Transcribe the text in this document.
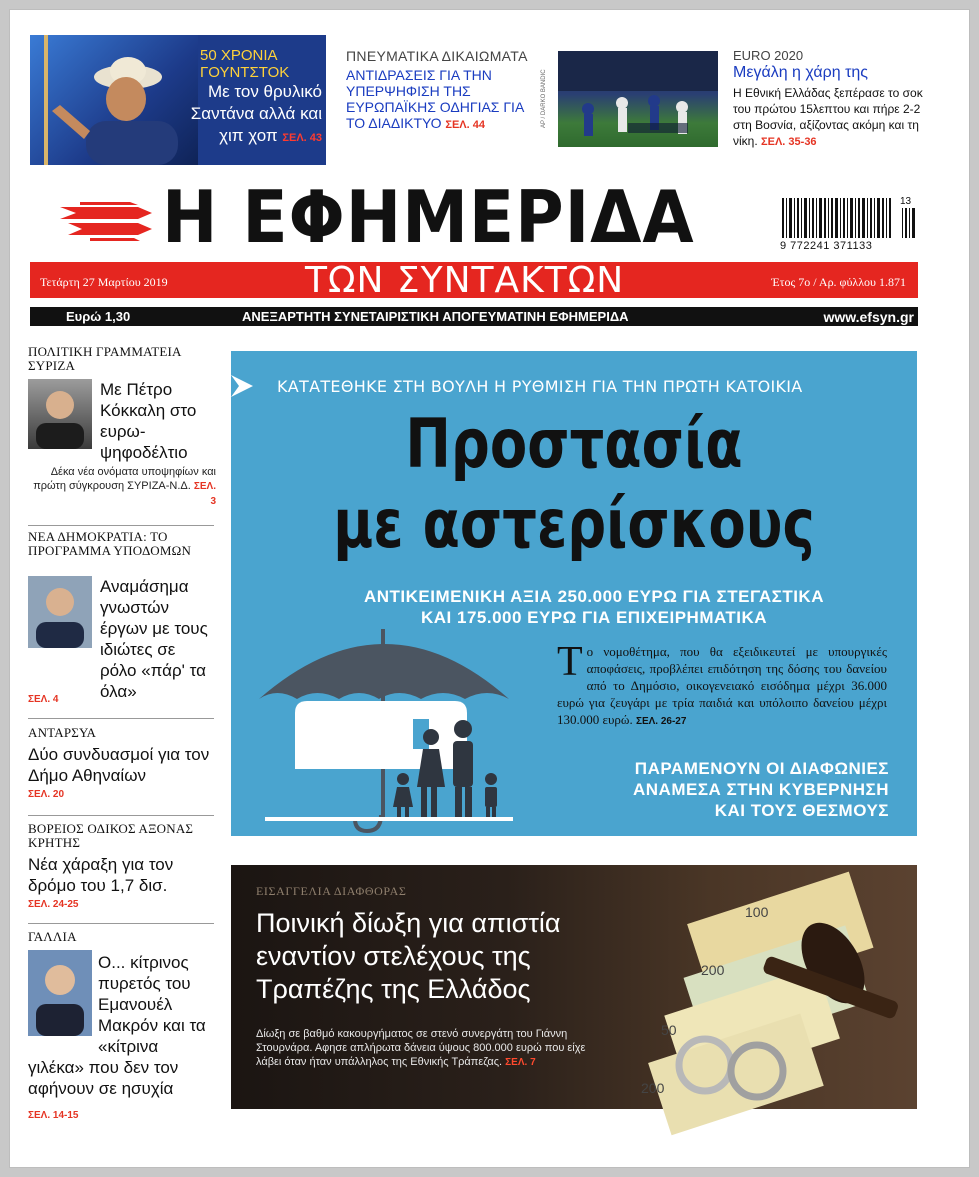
50 ΧΡΟΝΙΑ ΓΟΥΝΤΣΤΟΚ
Με τον θρυλικό Σαντάνα αλλά και χιπ χοπ ΣΕΛ. 43
ΠΝΕΥΜΑΤΙΚΑ ΔΙΚΑΙΩΜΑΤΑ
ΑΝΤΙΔΡΑΣΕΙΣ ΓΙΑ ΤΗΝ ΥΠΕΡΨΗΦΙΣΗ ΤΗΣ ΕΥΡΩΠΑΪΚΗΣ ΟΔΗΓΙΑΣ ΓΙΑ ΤΟ ΔΙΑΔΙΚΤΥΟ ΣΕΛ. 44	AP / DARKO BANDIC
EURO 2020
Μεγάλη η χάρη της
Η Εθνική Ελλάδας ξεπέρασε το σοκ του πρώτου 15λεπτου και πήρε 2-2 στη Βοσνία, αξίζοντας ακόμη και τη νίκη. ΣΕΛ. 35-36
Η ΕΦΗΜΕΡΙΔΑ	13
9 772241 371133
Τετάρτη 27 Μαρτίου 2019	ΤΩΝ ΣΥΝΤΑΚΤΩΝ	Έτος 7ο / Αρ. φύλλου 1.871
Ευρώ 1,30	ΑΝΕΞΑΡΤΗΤΗ ΣΥΝΕΤΑΙΡΙΣΤΙΚΗ ΑΠΟΓΕΥΜΑΤΙΝΗ ΕΦΗΜΕΡΙΔΑ	www.efsyn.gr
ΠΟΛΙΤΙΚΗ ΓΡΑΜΜΑΤΕΙΑ ΣΥΡΙΖΑ
Με Πέτρο Κόκκαλη στο ευρω-ψηφοδέλτιο
Δέκα νέα ονόματα υποψηφίων και πρώτη σύγκρουση ΣΥΡΙΖΑ-Ν.Δ. ΣΕΛ. 3
ΝΕΑ ΔΗΜΟΚΡΑΤΙΑ: ΤΟ ΠΡΟΓΡΑΜΜΑ ΥΠΟΔΟΜΩΝ
Αναμάσημα γνωστών έργων με τους ιδιώτες σε ρόλο «πάρ' τα όλα»
ΣΕΛ. 4
ΑΝΤΑΡΣΥΑ
Δύο συνδυασμοί για τον Δήμο Αθηναίων
ΣΕΛ. 20
ΒΟΡΕΙΟΣ ΟΔΙΚΟΣ ΑΞΟΝΑΣ ΚΡΗΤΗΣ
Νέα χάραξη για τον δρόμο του 1,7 δισ.
ΣΕΛ. 24-25
ΓΑΛΛΙΑ
Ο... κίτρινος πυρετός του Εμανουέλ Μακρόν και τα «κίτρινα γιλέκα» που δεν τον αφήνουν σε ησυχία
ΣΕΛ. 14-15
ΚΑΤΑΤΕΘΗΚΕ ΣΤΗ ΒΟΥΛΗ Η ΡΥΘΜΙΣΗ ΓΙΑ ΤΗΝ ΠΡΩΤΗ ΚΑΤΟΙΚΙΑ
Προστασία
με αστερίσκους
ΑΝΤΙΚΕΙΜΕΝΙΚΗ ΑΞΙΑ 250.000 ΕΥΡΩ ΓΙΑ ΣΤΕΓΑΣΤΙΚΑ
ΚΑΙ 175.000 ΕΥΡΩ ΓΙΑ ΕΠΙΧΕΙΡΗΜΑΤΙΚΑ
Το νομοθέτημα, που θα εξειδικευτεί με υπουργικές αποφάσεις, προβλέπει επιδότηση της δόσης του δανείου από το Δημόσιο, οικογενειακό εισόδημα μέχρι 36.000 ευρώ για ζευγάρι με τρία παιδιά και υπόλοιπο δανείου μέχρι 130.000 ευρώ. ΣΕΛ. 26-27
ΠΑΡΑΜΕΝΟΥΝ ΟΙ ΔΙΑΦΩΝΙΕΣ
ΑΝΑΜΕΣΑ ΣΤΗΝ ΚΥΒΕΡΝΗΣΗ
ΚΑΙ ΤΟΥΣ ΘΕΣΜΟΥΣ
ΕΙΣΑΓΓΕΛΙΑ ΔΙΑΦΘΟΡΑΣ
Ποινική δίωξη για απιστία εναντίον στελέχους της Τραπέζης της Ελλάδος
Δίωξη σε βαθμό κακουργήματος σε στενό συνεργάτη του Γιάννη Στουρνάρα. Αφησε απλήρωτα δάνεια ύψους 800.000 ευρώ που είχε λάβει όταν ήταν υπάλληλος της Εθνικής Τράπεζας. ΣΕΛ. 7
100
200
50
200
